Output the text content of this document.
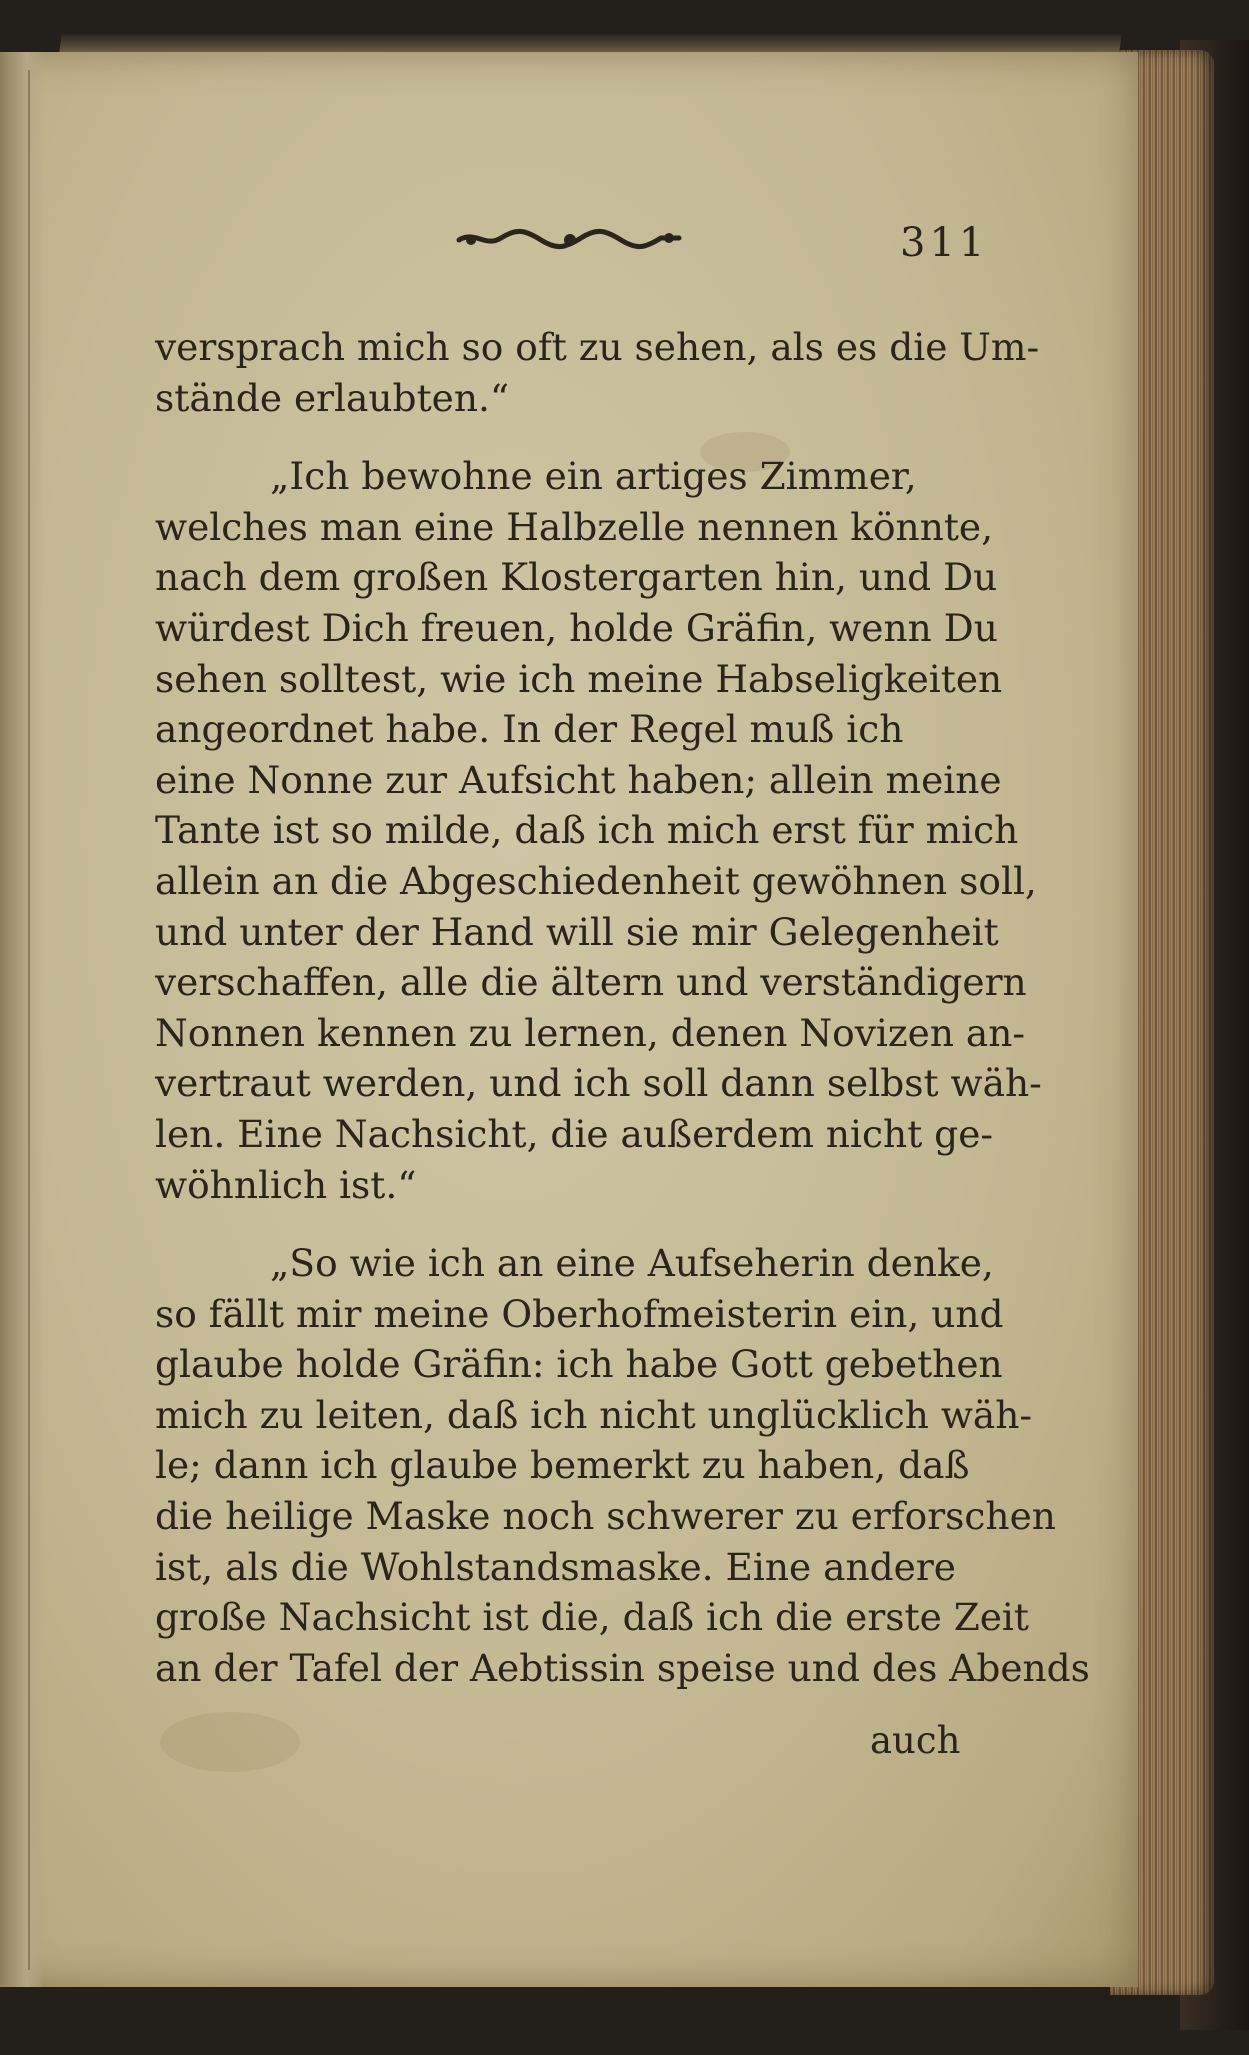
311
versprach mich so oft zu sehen, als es die Um-
stände erlaubten.“
„Ich bewohne ein artiges Zimmer,
welches man eine Halbzelle nennen könnte,
nach dem großen Klostergarten hin, und Du
würdest Dich freuen, holde Gräfin, wenn Du
sehen solltest, wie ich meine Habseligkeiten
angeordnet habe. In der Regel muß ich
eine Nonne zur Aufsicht haben; allein meine
Tante ist so milde, daß ich mich erst für mich
allein an die Abgeschiedenheit gewöhnen soll,
und unter der Hand will sie mir Gelegenheit
verschaffen, alle die ältern und verständigern
Nonnen kennen zu lernen, denen Novizen an-
vertraut werden, und ich soll dann selbst wäh-
len. Eine Nachsicht, die außerdem nicht ge-
wöhnlich ist.“
„So wie ich an eine Aufseherin denke,
so fällt mir meine Oberhofmeisterin ein, und
glaube holde Gräfin: ich habe Gott gebethen
mich zu leiten, daß ich nicht unglücklich wäh-
le; dann ich glaube bemerkt zu haben, daß
die heilige Maske noch schwerer zu erforschen
ist, als die Wohlstandsmaske. Eine andere
große Nachsicht ist die, daß ich die erste Zeit
an der Tafel der Aebtissin speise und des Abends
auch
